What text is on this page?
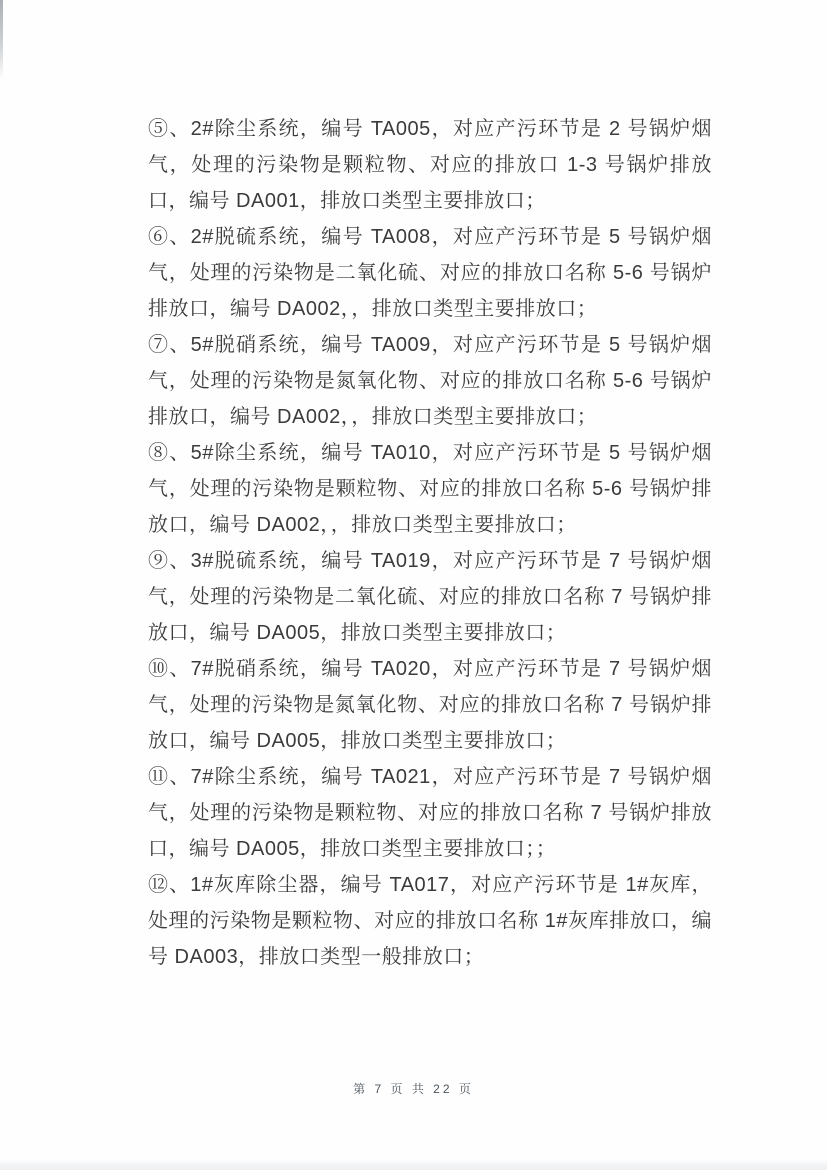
⑤、2#除尘系统，编号 TA005，对应产污环节是 2 号锅炉烟气，处理的污染物是颗粒物、对应的排放口 1-3 号锅炉排放口，编号 DA001，排放口类型主要排放口；

⑥、2#脱硫系统，编号 TA008，对应产污环节是 5 号锅炉烟气，处理的污染物是二氧化硫、对应的排放口名称 5-6 号锅炉排放口，编号 DA002，，排放口类型主要排放口；

⑦、5#脱硝系统，编号 TA009，对应产污环节是 5 号锅炉烟气，处理的污染物是氮氧化物、对应的排放口名称 5-6 号锅炉排放口，编号 DA002，，排放口类型主要排放口；

⑧、5#除尘系统，编号 TA010，对应产污环节是 5 号锅炉烟气，处理的污染物是颗粒物、对应的排放口名称 5-6 号锅炉排放口，编号 DA002，，排放口类型主要排放口；

⑨、3#脱硫系统，编号 TA019，对应产污环节是 7 号锅炉烟气，处理的污染物是二氧化硫、对应的排放口名称 7 号锅炉排放口，编号 DA005，排放口类型主要排放口；

⑩、7#脱硝系统，编号 TA020，对应产污环节是 7 号锅炉烟气，处理的污染物是氮氧化物、对应的排放口名称 7 号锅炉排放口，编号 DA005，排放口类型主要排放口；

⑪、7#除尘系统，编号 TA021，对应产污环节是 7 号锅炉烟气，处理的污染物是颗粒物、对应的排放口名称 7 号锅炉排放口，编号 DA005，排放口类型主要排放口；；

⑫、1#灰库除尘器，编号 TA017，对应产污环节是 1#灰库，处理的污染物是颗粒物、对应的排放口名称 1#灰库排放口，编号 DA003，排放口类型一般排放口；

第 7 页 共 22 页
